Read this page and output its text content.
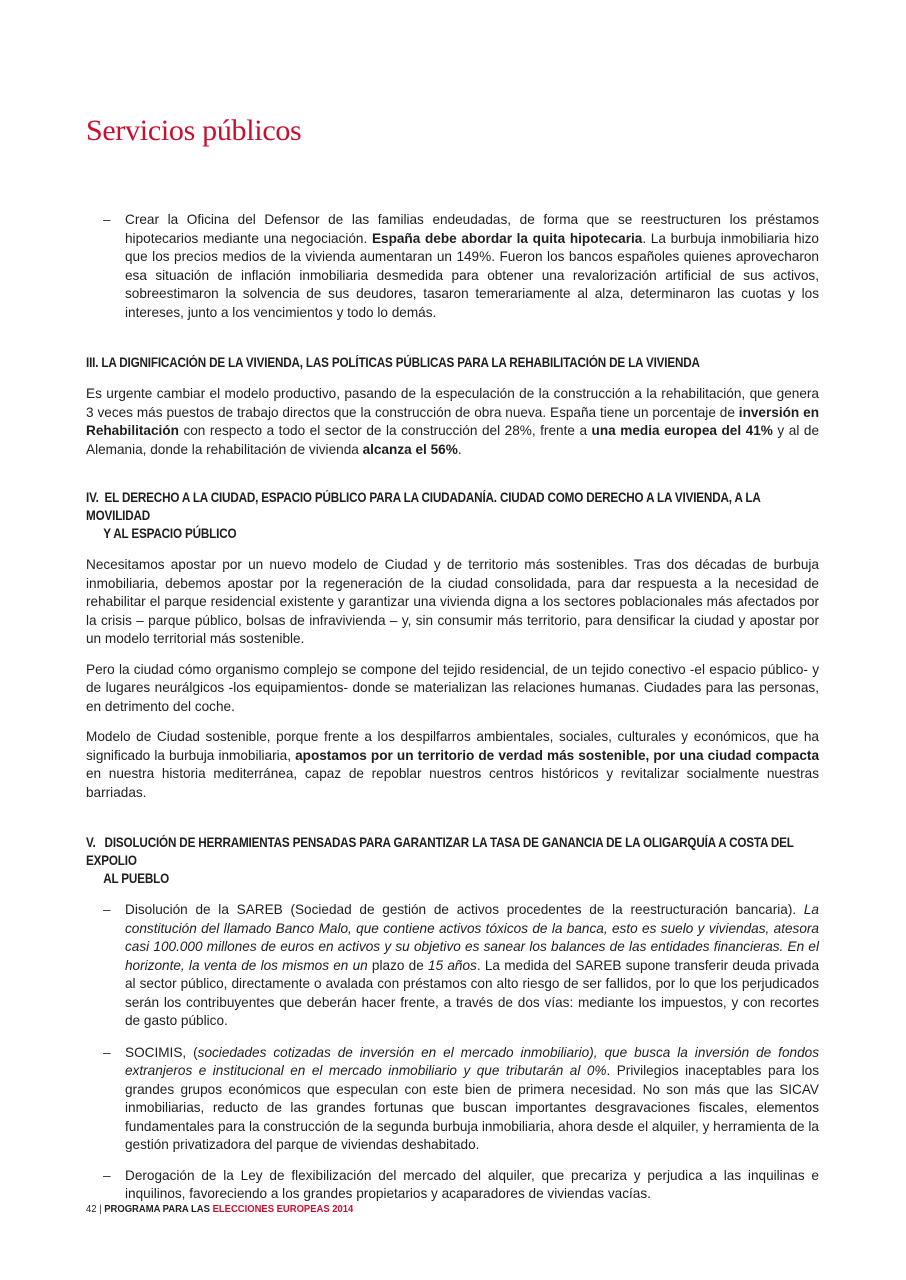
Servicios públicos

– Crear la Oficina del Defensor de las familias endeudadas, de forma que se reestructuren los préstamos hipotecarios mediante una negociación. España debe abordar la quita hipotecaria. La burbuja inmobiliaria hizo que los precios medios de la vivienda aumentaran un 149%. Fueron los bancos españoles quienes aprovecharon esa situación de inflación inmobiliaria desmedida para obtener una revalorización artificial de sus activos, sobreestimaron la solvencia de sus deudores, tasaron temerariamente al alza, determinaron las cuotas y los intereses, junto a los vencimientos y todo lo demás.

III. LA DIGNIFICACIÓN DE LA VIVIENDA, LAS POLÍTICAS PÚBLICAS PARA LA REHABILITACIÓN DE LA VIVIENDA

Es urgente cambiar el modelo productivo, pasando de la especulación de la construcción a la rehabilitación, que genera 3 veces más puestos de trabajo directos que la construcción de obra nueva. España tiene un porcentaje de inversión en Rehabilitación con respecto a todo el sector de la construcción del 28%, frente a una media europea del 41% y al de Alemania, donde la rehabilitación de vivienda alcanza el 56%.

IV. EL DERECHO A LA CIUDAD, ESPACIO PÚBLICO PARA LA CIUDADANÍA. CIUDAD COMO DERECHO A LA VIVIENDA, A LA MOVILIDAD
Y AL ESPACIO PÚBLICO

Necesitamos apostar por un nuevo modelo de Ciudad y de territorio más sostenibles. Tras dos décadas de burbuja inmobiliaria, debemos apostar por la regeneración de la ciudad consolidada, para dar respuesta a la necesidad de rehabilitar el parque residencial existente y garantizar una vivienda digna a los sectores poblacionales más afectados por la crisis – parque público, bolsas de infravivienda – y, sin consumir más territorio, para densificar la ciudad y apostar por un modelo territorial más sostenible.

Pero la ciudad cómo organismo complejo se compone del tejido residencial, de un tejido conectivo -el espacio público- y de lugares neurálgicos -los equipamientos- donde se materializan las relaciones humanas. Ciudades para las personas, en detrimento del coche.

Modelo de Ciudad sostenible, porque frente a los despilfarros ambientales, sociales, culturales y económicos, que ha significado la burbuja inmobiliaria, apostamos por un territorio de verdad más sostenible, por una ciudad compacta en nuestra historia mediterránea, capaz de repoblar nuestros centros históricos y revitalizar socialmente nuestras barriadas.

V. DISOLUCIÓN DE HERRAMIENTAS PENSADAS PARA GARANTIZAR LA TASA DE GANANCIA DE LA OLIGARQUÍA A COSTA DEL EXPOLIO
AL PUEBLO

– Disolución de la SAREB (Sociedad de gestión de activos procedentes de la reestructuración bancaria). La constitución del llamado Banco Malo, que contiene activos tóxicos de la banca, esto es suelo y viviendas, atesora casi 100.000 millones de euros en activos y su objetivo es sanear los balances de las entidades financieras. En el horizonte, la venta de los mismos en un plazo de 15 años. La medida del SAREB supone transferir deuda privada al sector público, directamente o avalada con préstamos con alto riesgo de ser fallidos, por lo que los perjudicados serán los contribuyentes que deberán hacer frente, a través de dos vías: mediante los impuestos, y con recortes de gasto público.

– SOCIMIS, (sociedades cotizadas de inversión en el mercado inmobiliario), que busca la inversión de fondos extranjeros e institucional en el mercado inmobiliario y que tributarán al 0%. Privilegios inaceptables para los grandes grupos económicos que especulan con este bien de primera necesidad. No son más que las SICAV inmobiliarias, reducto de las grandes fortunas que buscan importantes desgravaciones fiscales, elementos fundamentales para la construcción de la segunda burbuja inmobiliaria, ahora desde el alquiler, y herramienta de la gestión privatizadora del parque de viviendas deshabitado.

– Derogación de la Ley de flexibilización del mercado del alquiler, que precariza y perjudica a las inquilinas e inquilinos, favoreciendo a los grandes propietarios y acaparadores de viviendas vacías.

42 | PROGRAMA PARA LAS ELECCIONES EUROPEAS 2014
